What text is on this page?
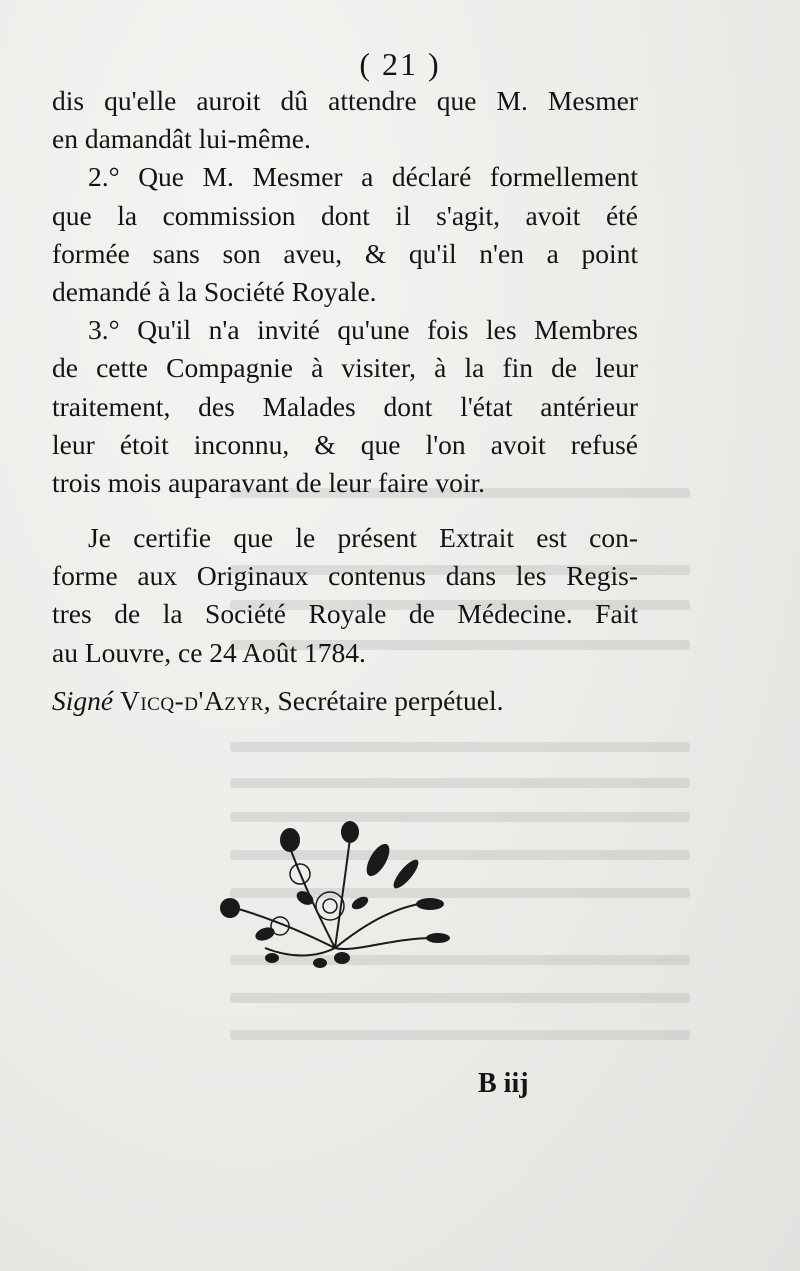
( 21 )
dis qu'elle auroit dû attendre que M. Mesmer
en damandât lui-même.
2.° Que M. Mesmer a déclaré formellement
que la commission dont il s'agit, avoit été
formée sans son aveu, & qu'il n'en a point
demandé à la Société Royale.
3.° Qu'il n'a invité qu'une fois les Membres
de cette Compagnie à visiter, à la fin de leur
traitement, des Malades dont l'état antérieur
leur étoit inconnu, & que l'on avoit refusé
trois mois auparavant de leur faire voir.
Je certifie que le présent Extrait est con-
forme aux Originaux contenus dans les Regis-
tres de la Société Royale de Médecine. Fait
au Louvre, ce 24 Août 1784.
Signé Vicq-d'Azyr, Secrétaire perpétuel.
B iij
